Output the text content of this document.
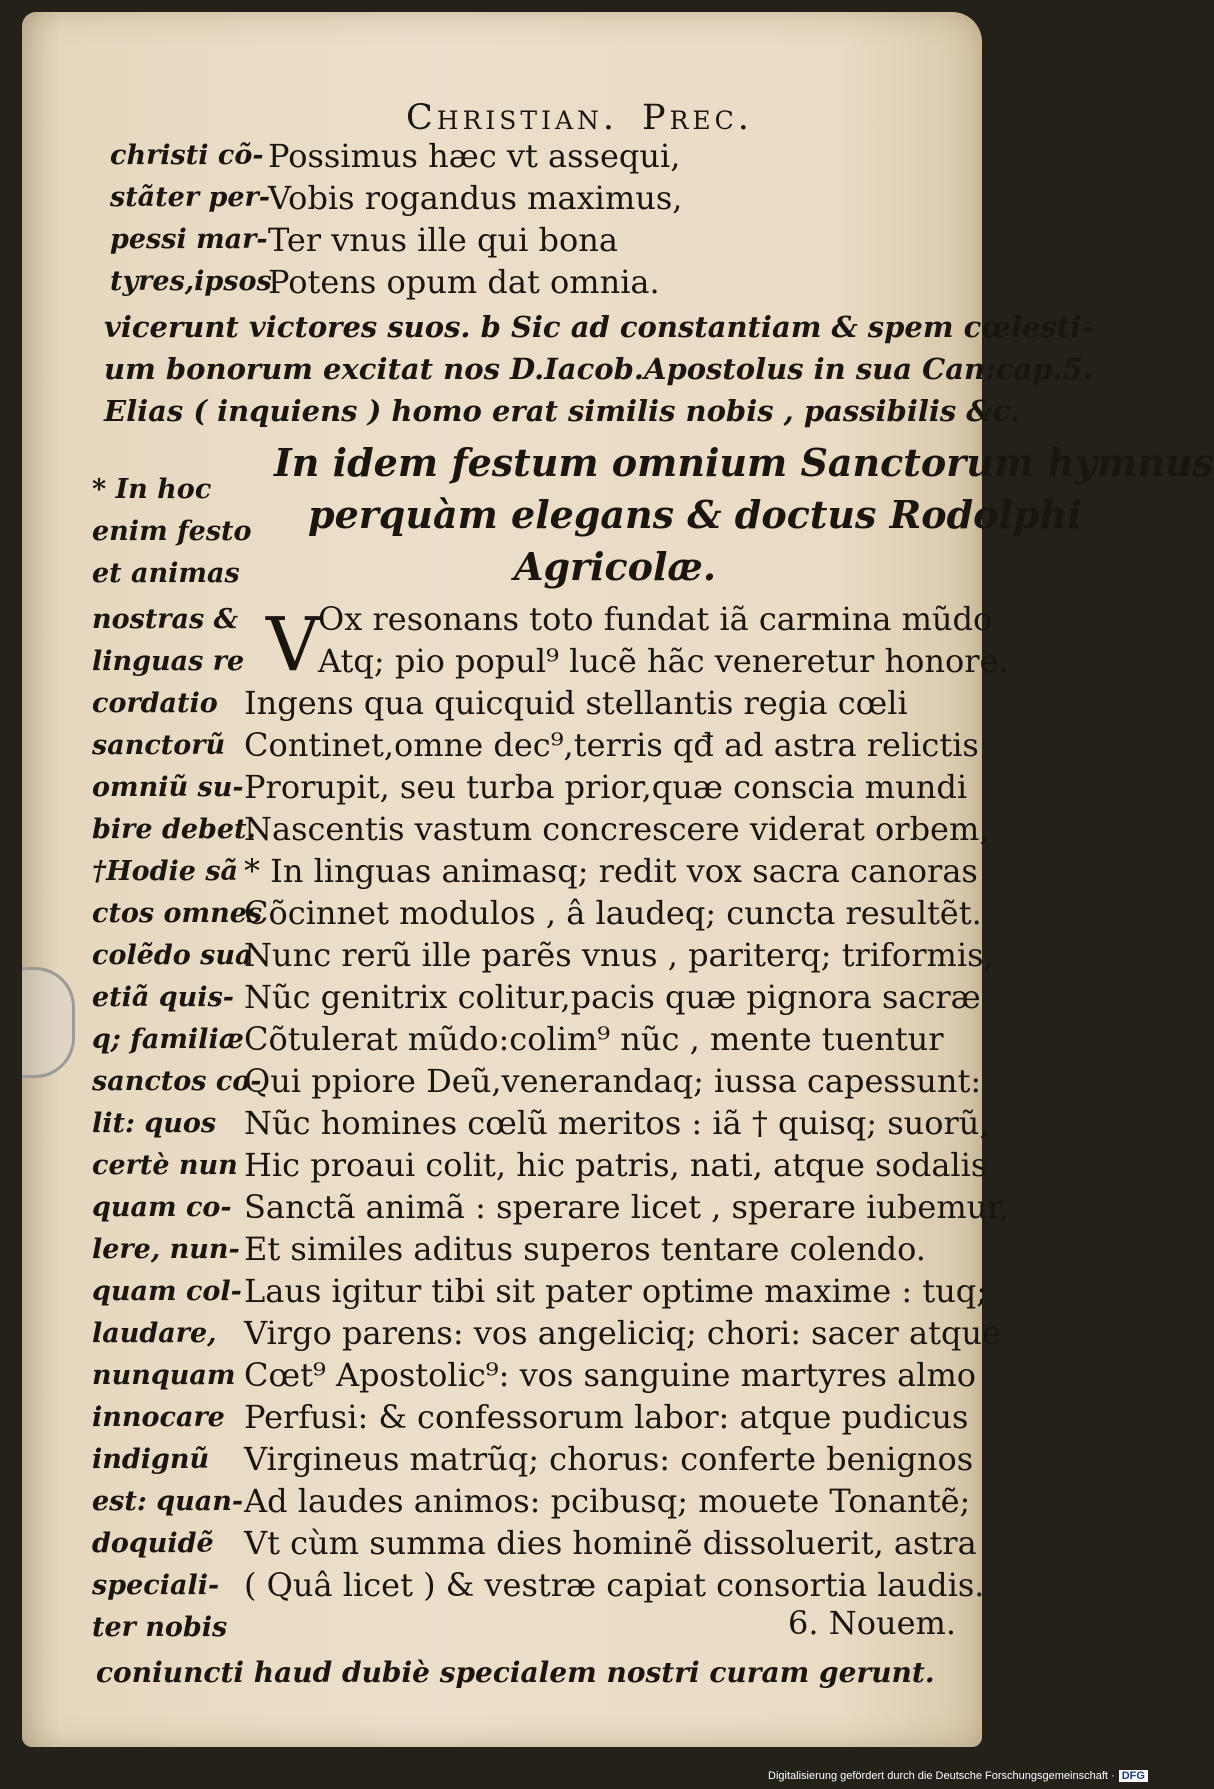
Christian. Prec.
christi cõ- Possimus hæc vt assequi,
stãter per-
Vobis rogandus maximus,
pessi mar- Ter vnus ille qui bona
tyres,ipsos
Potens opum dat omnia.
vicerunt victores suos. b Sic ad constantiam & spem cœlesti-
um bonorum excitat nos D.Iacob.Apostolus in sua Can:cap.5.
Elias ( inquiens ) homo erat similis nobis , passibilis &c.
In idem festum omnium Sanctorum hymnus
perquàm elegans & doctus Rodolphi
Agricolæ.
V
* In hoc
enim festo
et animas
nostras & Ox resonans toto fundat iã carmina mũdo
linguas re Atq; pio popul⁹ lucẽ hãc veneretur honore.
cordatio Ingens qua quicquid stellantis regia cœli
sanctorũ Continet,omne dec⁹,terris qđ ad astra relictis
omniũ su- Prorupit, seu turba prior,quæ conscia mundi
bire debet.
Nascentis vastum concrescere viderat orbem,
†Hodie sã * In linguas animasq; redit vox sacra canoras
ctos omnes
Cõcinnet modulos , â laudeq; cuncta resultẽt.
colẽdo sua
Nunc rerũ ille parẽs vnus , pariterq; triformis,
etiã quis- Nũc genitrix colitur,pacis quæ pignora sacræ
q; familiæ Cõtulerat mũdo:colim⁹ nũc , mente tuentur
sanctos co-
Qui ppiore Deũ,venerandaq; iussa capessunt:
lit: quos Nũc homines cœlũ meritos : iã † quisq; suorũ,
certè nun Hic proaui colit, hic patris, nati, atque sodalis
quam co- Sanctã animã : sperare licet , sperare iubemur,
lere, nun- Et similes aditus superos tentare colendo.
quam col- Laus igitur tibi sit pater optime maxime : tuq;
laudare, Virgo parens: vos angeliciq; chori: sacer atque
nunquam Cœt⁹ Apostolic⁹: vos sanguine martyres almo
innocare Perfusi: & confessorum labor: atque pudicus
indignũ Virgineus matrũq; chorus: conferte benignos
est: quan- Ad laudes animos: pcibusq; mouete Tonantẽ;
doquidẽ Vt cùm summa dies hominẽ dissoluerit, astra
speciali- ( Quâ licet ) & vestræ capiat consortia laudis.
ter nobis	6. Nouem.
coniuncti haud dubiè specialem nostri curam gerunt.
Digitalisierung gefördert durch die Deutsche Forschungsgemeinschaft · DFG
